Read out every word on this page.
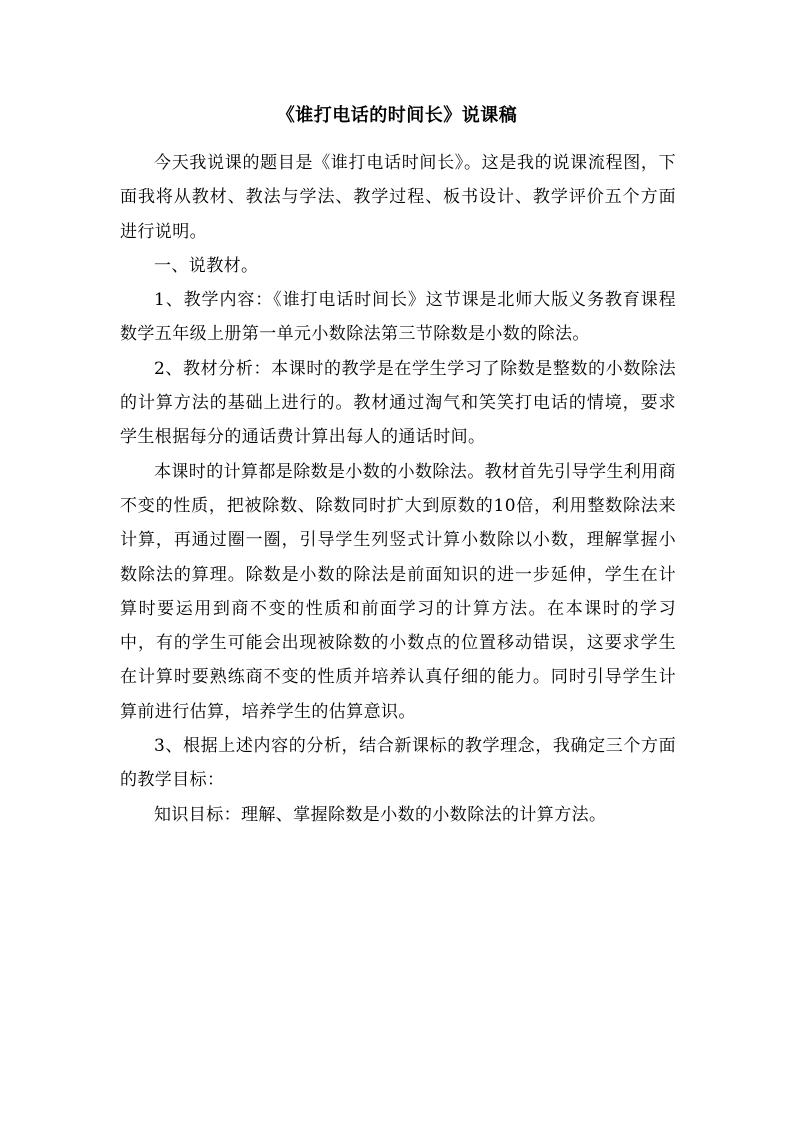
《谁打电话的时间长》说课稿

今天我说课的题目是《谁打电话时间长》。这是我的说课流程图，下面我将从教材、教法与学法、教学过程、板书设计、教学评价五个方面进行说明。

一、说教材。

1、教学内容：《谁打电话时间长》这节课是北师大版义务教育课程数学五年级上册第一单元小数除法第三节除数是小数的除法。

2、教材分析：本课时的教学是在学生学习了除数是整数的小数除法的计算方法的基础上进行的。教材通过淘气和笑笑打电话的情境，要求学生根据每分的通话费计算出每人的通话时间。

本课时的计算都是除数是小数的小数除法。教材首先引导学生利用商不变的性质，把被除数、除数同时扩大到原数的10倍，利用整数除法来计算，再通过圈一圈，引导学生列竖式计算小数除以小数，理解掌握小数除法的算理。除数是小数的除法是前面知识的进一步延伸，学生在计算时要运用到商不变的性质和前面学习的计算方法。在本课时的学习中，有的学生可能会出现被除数的小数点的位置移动错误，这要求学生在计算时要熟练商不变的性质并培养认真仔细的能力。同时引导学生计算前进行估算，培养学生的估算意识。

3、根据上述内容的分析，结合新课标的教学理念，我确定三个方面的教学目标：

知识目标：理解、掌握除数是小数的小数除法的计算方法。
